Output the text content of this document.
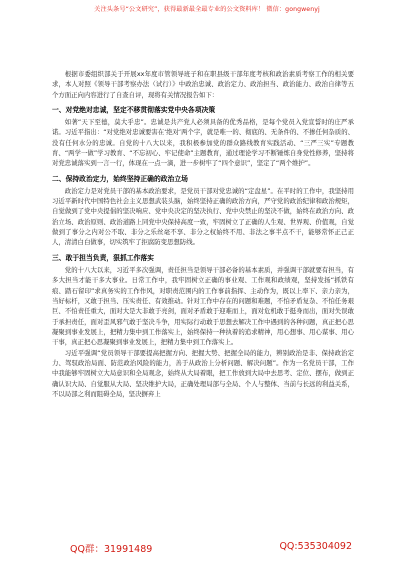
关注头条号“公文研究”，获得最新最全最专业的公文资料库！ 微信：gongwenyj

根据市委组织部关于开展xx年度市管领导班子和在职县级干部年度考核和政治素质考察工作的相关要求，本人对照《领导干部考察办法（试行）》中政治忠诚、政治定力、政治担当、政治能力、政治自律等五个方面正向内容进行了自查自评，现将有关情况报告如下：

一、对党绝对忠诚，坚定不移贯彻落实党中央各项决策

如著“天下至德，莫大乎忠”。忠诚是共产党人必须具备的优秀品格，是每个党员入党宣誓时的庄严承诺。习近平指出：“对党绝对忠诚要害在‘绝对’两个字，就是唯一的、彻底的、无条件的、不掺任何杂质的、没有任何水分的忠诚。自党的十八大以来，我积极参加党的群众路线教育实践活动、“三严三实”专题教育、“两学一做”学习教育、“不忘初心、牢记使命”主题教育，通过理论学习不断锤炼自身党性修养，坚持将对党忠诚落实到一言一行，体现在一点一滴，进一步树牢了“四个意识”，坚定了“两个维护”。

二、保持政治定力，始终坚持正确的政治立场

政治定力是对党员干部的基本政治要求，是党员干部对党忠诚的“定盘星”。在平时的工作中，我坚持用习近平新时代中国特色社会主义思想武装头脑，始终坚持正确的政治方向，严守党的政治纪律和政治规矩，自觉做到了党中央提倡的坚决响应、党中央决定的坚决执行、党中央禁止的坚决不做，始终在政治方向、政治立场、政治原则、政治道路上同党中央保持高度一致，牢固树立了正确的人生观、世界观、价值观，自觉做到了事分之内对公不取、非分之乐丝毫不享、非分之权始终不用、非法之事半点不干，能够常怀正己正人，清清白白做事，切实筑牢了拒腐防变思想防线。

三、敢于担当负责，狠抓工作落实

党的十八大以来，习近平多次强调，责任担当是领导干部必备的基本素质，并强调干部就要有担当，有多大担当才能干多大事业。日常工作中，我牢固树立正确的事业观、工作观和政绩观，坚持发扬“抓铁有痕、踏石留印”求真务实的工作作风，对职责范围内的工作事前指挥、主动作为，既以上率下、亲力亲为，当好标杆，又敢于担当、压实责任、有效推动。针对工作中存在的问题和难题，不怕矛盾复杂、不怕任务艰巨、不怕责任重大，面对大是大非敢于亮剑，面对矛盾敢于迎难而上，面对危机敢于挺身而出，面对失误敢于承担责任，面对歪风邪气敢于坚决斗争，用实际行动敢于思想去解决工作中遇到的各种问题，真正把心思凝聚到事业发展上，把精力集中到工作落实上，始终保持一种执着的追求精神，用心想事、用心谋事、用心干事，真正把心思凝聚到事业发展上，把精力集中到工作落实上。

习近平强调“党员领导干部要提高把握方向、把握大势、把握全局的能力，辨别政治是非、保持政治定力、驾驭政治局面、防范政治风险的能力，善于从政治上分析问题、解决问题”。作为一名党员干部，工作中我能够牢固树立大局意识和全局观念，始终从大局着眼，把工作放到大局中去思考、定位、摆布，做到正确认识大局、自觉服从大局、坚决维护大局，正确处理局部与全局、个人与整体、当前与长远的利益关系，不以局部之利而阻碍全局，坚决摒弃上

QQ群：31991489	QQ:535304092
